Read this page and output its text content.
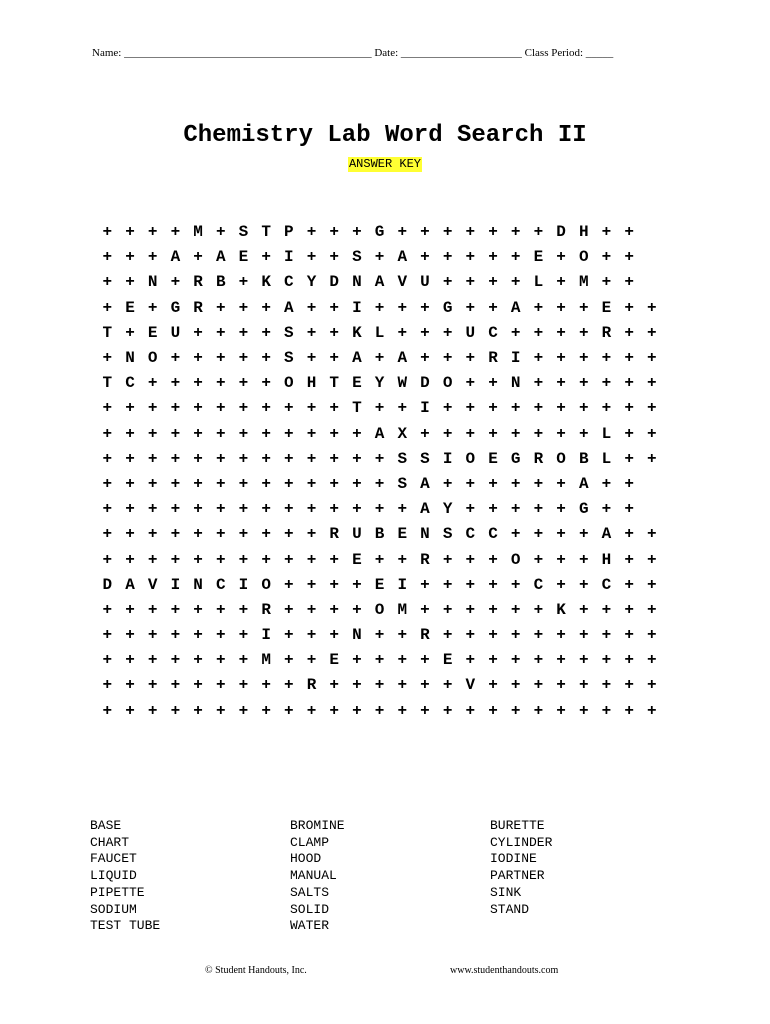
Name: _____________________________________________ Date: ______________________ Class Period: _____
Chemistry Lab Word Search II
ANSWER KEY
+ + + + M + S T P + + + G + + + + + + + D H + +
+ + + A + A E + I + + S + A + + + + + E + O + +
+ + N + R B + K C Y D N A V U + + + + L + M + +
+ E + G R + + + A + + I + + + G + + A + + + E + +
T + E U + + + + S + + K L + + + U C + + + + R + +
+ N O + + + + + S + + A + A + + + R I + + + + + +
T C + + + + + + O H T E Y W D O + + N + + + + + +
+ + + + + + + + + + + T + + I + + + + + + + + + +
+ + + + + + + + + + + + A X + + + + + + + + L + +
+ + + + + + + + + + + + + S S I O E G R O B L + +
+ + + + + + + + + + + + + S A + + + + + + A + +
+ + + + + + + + + + + + + + A Y + + + + + G + +
+ + + + + + + + + + R U B E N S C C + + + + A + +
+ + + + + + + + + + + E + + R + + + O + + + H + +
D A V I N C I O + + + + E I + + + + + C + + C + +
+ + + + + + + R + + + + O M + + + + + + K + + + +
+ + + + + + + I + + + N + + R + + + + + + + + + +
+ + + + + + + M + + E + + + + E + + + + + + + + +
+ + + + + + + + + R + + + + + + V + + + + + + + +
+ + + + + + + + + + + + + + + + + + + + + + + + +
BASE
CHART
FAUCET
LIQUID
PIPETTE
SODIUM
TEST TUBE
BROMINE
CLAMP
HOOD
MANUAL
SALTS
SOLID
WATER
BURETTE
CYLINDER
IODINE
PARTNER
SINK
STAND
© Student Handouts, Inc.	www.studenthandouts.com
